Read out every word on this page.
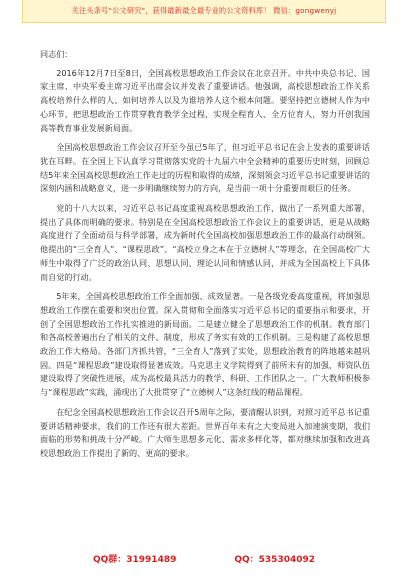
关注头条号"公文研究"，获得最新最全最专业的公文资料库！ 微信：gongwenyj

同志们：

2016年12月7日至8日，全国高校思想政治工作会议在北京召开。中共中央总书记、国家主席、中央军委主席习近平出席会议并发表了重要讲话。他强调，高校思想政治工作关系高校培养什么样的人、如何培养人以及为谁培养人这个根本问题。要坚持把立德树人作为中心环节，把思想政治工作贯穿教育教学全过程，实现全程育人、全方位育人，努力开创我国高等教育事业发展新局面。

全国高校思想政治工作会议召开至今虽已5年了，但习近平总书记在会上发表的重要讲话犹在耳畔。在全国上下认真学习贯彻落实党的十九届六中全会精神的重要历史时刻，回顾总结5年来全国高校思想政治工作走过的历程和取得的成绩，深刻领会习近平总书记重要讲话的深刻内涵和战略意义，进一步明确继续努力的方向，是当前一项十分重要而艰巨的任务。

党的十八大以来，习近平总书记高度重视高校思想政治工作，做出了一系列重大部署，提出了具体而明确的要求。特别是在全国高校思想政治工作会议上的重要讲话，更是从战略高度进行了全面动员与科学部署，成为新时代全国高校加强思想政治工作的最高行动纲领。他提出的“三全育人”、“课程思政”、“高校立身之本在于立德树人”等理念，在全国高校广大师生中取得了广泛的政治认同、思想认同、理论认同和情感认同，并成为全国高校上下具体而自觉的行动。

5年来，全国高校思想政治工作全面加强、成效显著。一是各级党委高度重视，将加强思想政治工作摆在重要和突出位置。深入贯彻和全面落实习近平总书记的重要指示和要求，开创了全国思想政治工作扎实推进的新局面。二是建立健全了思想政治工作的机制。教育部门和各高校普遍出台了相关的文件、制度，形成了务实有效的工作机制。三是构建了高校思想政治工作大格局。各部门齐抓共管，“三全育人”落到了实处，思想政治教育的阵地越来越巩固。四是“课程思政”建设取得显著成效。马克思主义学院得到了前所未有的加强，师资队伍建设取得了突破性进展，成为高校最具活力的教学、科研、工作团队之一。广大教师积极参与“课程思政”实践，涌现出了大批贯穿了“立德树人”这条红线的精品课程。

在纪念全国高校思想政治工作会议召开5周年之际，要清醒认识到，对照习近平总书记重要讲话精神要求，我们的工作还有很大差距。世界百年未有之大变局进入加速演变期，我们面临的形势和挑战十分严峻。广大师生思想多元化、需求多样化等，都对继续加强和改进高校思想政治工作提出了新的、更高的要求。

QQ群：31991489	QQ：535304092
